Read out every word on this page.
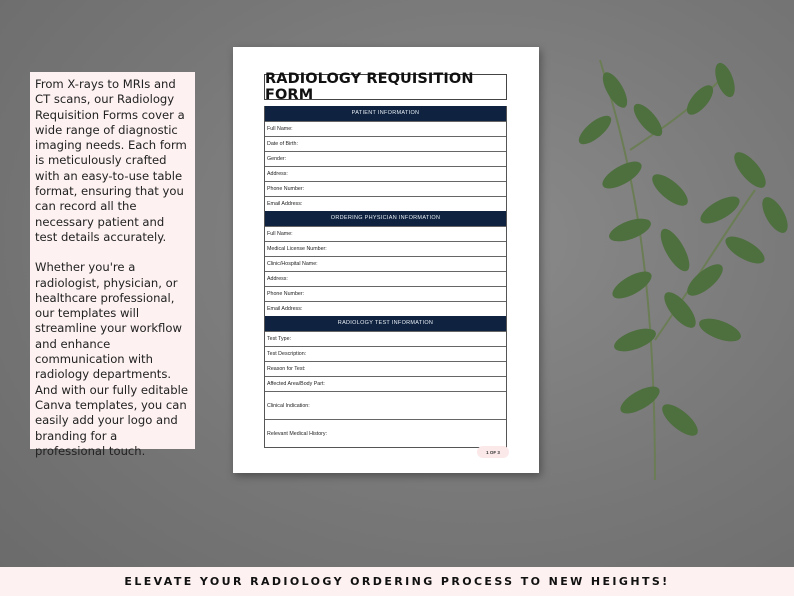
From X-rays to MRIs and CT scans, our Radiology Requisition Forms cover a wide range of diagnostic imaging needs. Each form is meticulously crafted with an easy-to-use table format, ensuring that you can record all the necessary patient and test details accurately.

Whether you're a radiologist, physician, or healthcare professional, our templates will streamline your workflow and enhance communication with radiology departments. And with our fully editable Canva templates, you can easily add your logo and branding for a professional touch.

RADIOLOGY REQUISITION FORM
PATIENT INFORMATION
Full Name:
Date of Birth:
Gender:
Address:
Phone Number:
Email Address:
ORDERING PHYSICIAN INFORMATION
Full Name:
Medical License Number:
Clinic/Hospital Name:
Address:
Phone Number:
Email Address:
RADIOLOGY TEST INFORMATION
Test Type:
Test Description:
Reason for Test:
Affected Area/Body Part:
Clinical Indication:
Relevant Medical History:
1 OF 3
ELEVATE YOUR RADIOLOGY ORDERING PROCESS TO NEW HEIGHTS!
